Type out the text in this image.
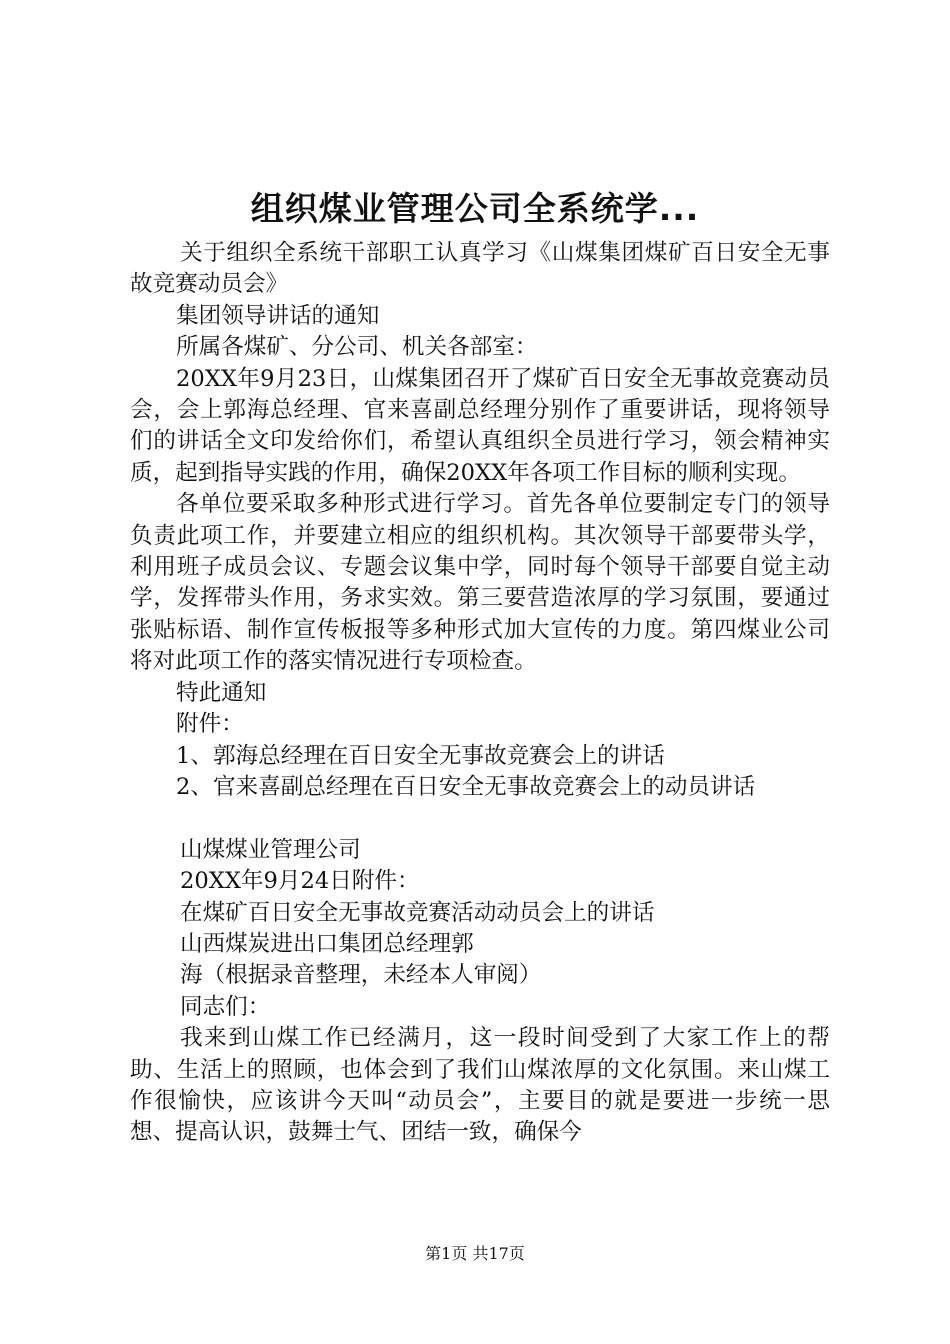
组织煤业管理公司全系统学...

关于组织全系统干部职工认真学习《山煤集团煤矿百日安全无事故竞赛动员会》

集团领导讲话的通知

所属各煤矿、分公司、机关各部室：

20XX年9月23日，山煤集团召开了煤矿百日安全无事故竞赛动员会，会上郭海总经理、官来喜副总经理分别作了重要讲话，现将领导们的讲话全文印发给你们，希望认真组织全员进行学习，领会精神实质，起到指导实践的作用，确保20XX年各项工作目标的顺利实现。

各单位要采取多种形式进行学习。首先各单位要制定专门的领导负责此项工作，并要建立相应的组织机构。其次领导干部要带头学，利用班子成员会议、专题会议集中学，同时每个领导干部要自觉主动学，发挥带头作用，务求实效。第三要营造浓厚的学习氛围，要通过张贴标语、制作宣传板报等多种形式加大宣传的力度。第四煤业公司将对此项工作的落实情况进行专项检查。

特此通知

附件：

1、郭海总经理在百日安全无事故竞赛会上的讲话

2、官来喜副总经理在百日安全无事故竞赛会上的动员讲话

山煤煤业管理公司

20XX年9月24日附件：

在煤矿百日安全无事故竞赛活动动员会上的讲话

山西煤炭进出口集团总经理郭

海（根据录音整理，未经本人审阅）

同志们：

我来到山煤工作已经满月，这一段时间受到了大家工作上的帮助、生活上的照顾，也体会到了我们山煤浓厚的文化氛围。来山煤工作很愉快，应该讲今天叫“动员会”，主要目的就是要进一步统一思想、提高认识，鼓舞士气、团结一致，确保今

第1页 共17页
